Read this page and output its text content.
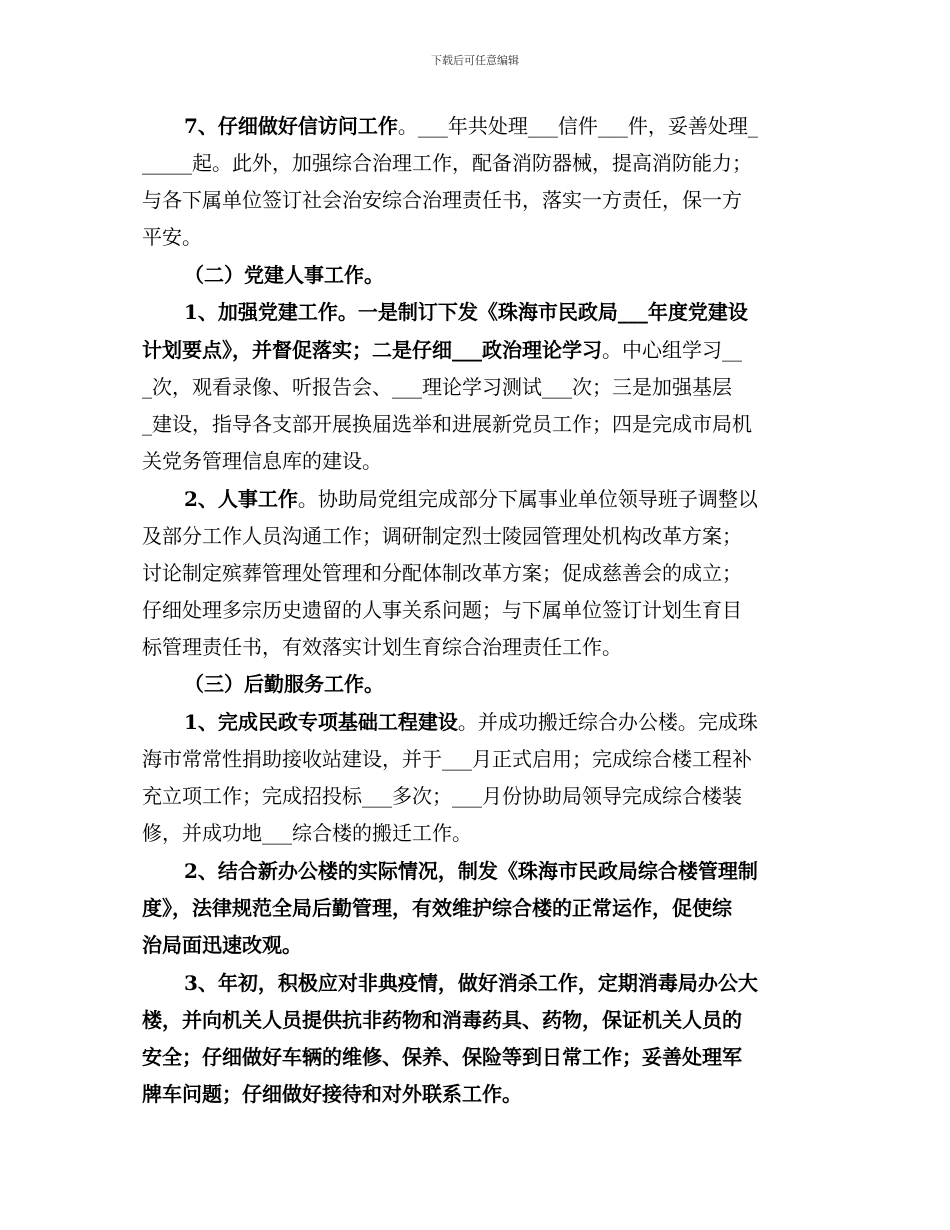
下载后可任意编辑
7、仔细做好信访问工作。___年共处理___信件___件，妥善处理_
_____起。此外，加强综合治理工作，配备消防器械，提高消防能力；
与各下属单位签订社会治安综合治理责任书，落实一方责任，保一方
平安。
（二）党建人事工作。
1、加强党建工作。一是制订下发《珠海市民政局___年度党建设
计划要点》，并督促落实；二是仔细___政治理论学习。中心组学习__
_次，观看录像、听报告会、___理论学习测试___次；三是加强基层
_建设，指导各支部开展换届选举和进展新党员工作；四是完成市局机
关党务管理信息库的建设。
2、人事工作。协助局党组完成部分下属事业单位领导班子调整以
及部分工作人员沟通工作；调研制定烈士陵园管理处机构改革方案；
讨论制定殡葬管理处管理和分配体制改革方案；促成慈善会的成立；
仔细处理多宗历史遗留的人事关系问题；与下属单位签订计划生育目
标管理责任书，有效落实计划生育综合治理责任工作。
（三）后勤服务工作。
1、完成民政专项基础工程建设。并成功搬迁综合办公楼。完成珠
海市常常性捐助接收站建设，并于___月正式启用；完成综合楼工程补
充立项工作；完成招投标___多次；___月份协助局领导完成综合楼装
修，并成功地___综合楼的搬迁工作。
2、结合新办公楼的实际情况，制发《珠海市民政局综合楼管理制
度》，法律规范全局后勤管理，有效维护综合楼的正常运作，促使综
治局面迅速改观。
3、年初，积极应对非典疫情，做好消杀工作，定期消毒局办公大
楼，并向机关人员提供抗非药物和消毒药具、药物，保证机关人员的
安全；仔细做好车辆的维修、保养、保险等到日常工作；妥善处理军
牌车问题；仔细做好接待和对外联系工作。
